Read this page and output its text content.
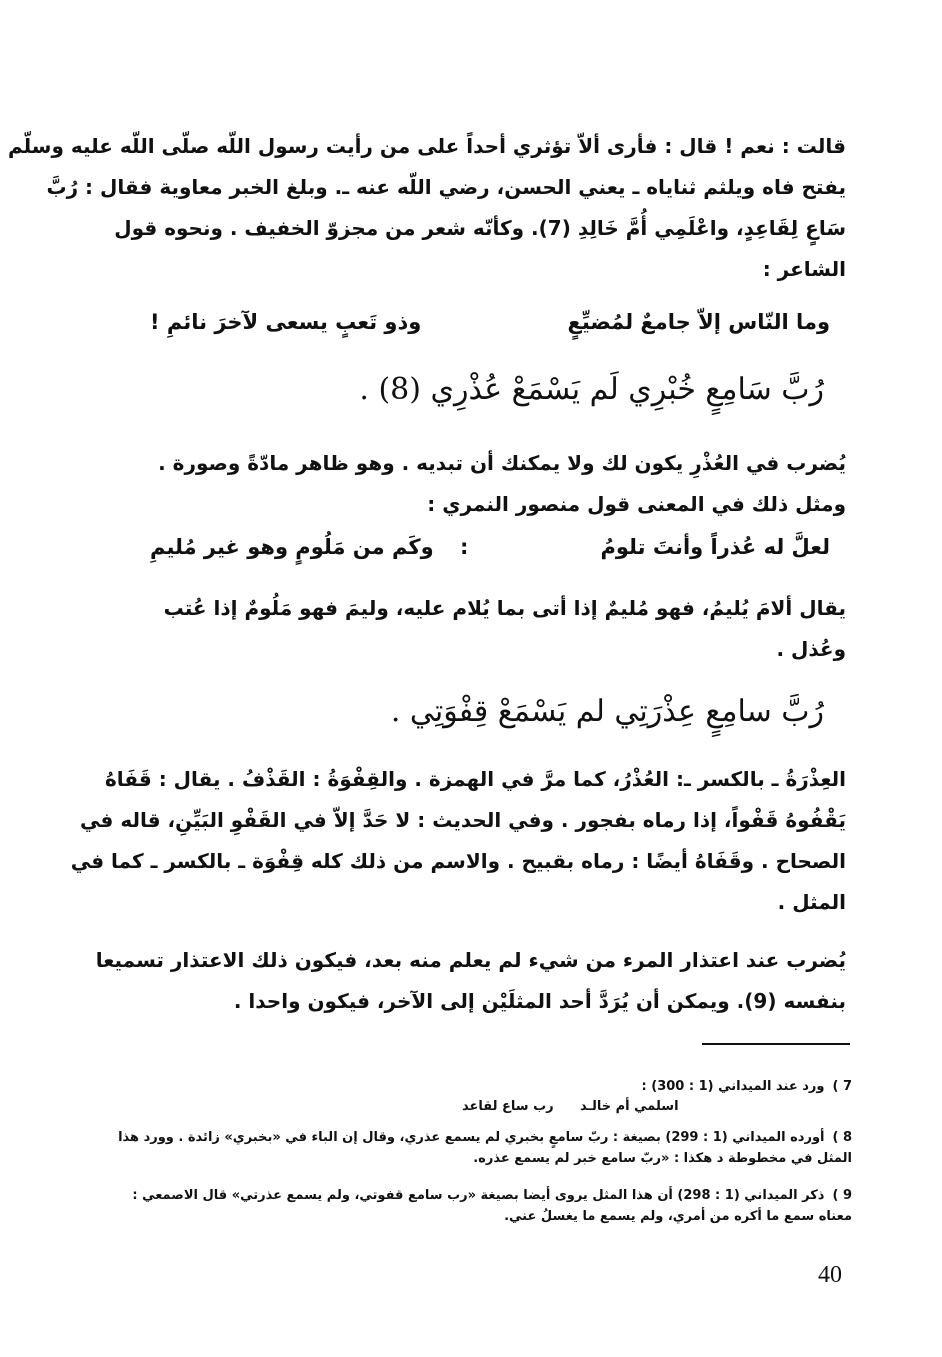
قالت : نعم ! قال : فأرى ألاّ تؤثري أحداً على من رأيت رسول اللّه صلّى اللّه عليه وسلّم
يفتح فاه ويلثم ثناياه ـ يعني الحسن، رضي اللّه عنه ـ. وبلغ الخبر معاوية فقال : رُبَّ
سَاعٍ لِقَاعِدٍ، واعْلَمِي أُمَّ خَالِدِ (7). وكأنّه شعر من مجزوّ الخفيف . ونحوه قول
الشاعر :
وما النّاس إلاّ جامعٌ لمُضيِّعٍ
وذو تَعبٍ يسعى لآخرَ نائمِ !
رُبَّ سَامِعٍ خُبْرِي لَم يَسْمَعْ عُذْرِي (8) .
يُضرب في العُذْرِ يكون لك ولا يمكنك أن تبديه . وهو ظاهر مادّةً وصورة .
ومثل ذلك في المعنى قول منصور النمري :
لعلَّ له عُذراً وأنتَ تلومُ
:
وكَم من مَلُومٍ وهو غير مُليمِ
يقال ألامَ يُليمُ، فهو مُليمٌ إذا أتى بما يُلام عليه، وليمَ فهو مَلُومٌ إذا عُتب
وعُذل .
رُبَّ سامِعٍ عِذْرَتِي لم يَسْمَعْ قِفْوَتِي .
العِذْرَةُ ـ بالكسر ـ: العُذْرُ، كما مرَّ في الهمزة . والقِفْوَةُ : القَذْفُ . يقال : قَفَاهُ
يَقْفُوهُ قَفْواً، إذا رماه بفجور . وفي الحديث : لا حَدَّ إلاّ في القَفْوِ البَيِّنِ، قاله في
الصحاح . وقَفَاهُ أيضًا : رماه بقبيح . والاسم من ذلك كله قِفْوَة ـ بالكسر ـ كما في
المثل .
يُضرب عند اعتذار المرء من شيء لم يعلم منه بعد، فيكون ذلك الاعتذار تسميعا
بنفسه (9). ويمكن أن يُرَدَّ أحد المثلَيْن إلى الآخر، فيكون واحدا .
7 )ورد عند الميداني (1 : 300) :
رب ساع لقاعد اسلمي أم خالـد
8 )أورده الميداني (1 : 299) بصيغة : ربّ سامعٍ بخبري لم يسمع عذري، وقال إن الباء في «بخبري» زائدة . وورد هذا المثل في مخطوطة د هكذا : «ربّ سامع خبر لم يسمع عذره.
9 )ذكر الميداني (1 : 298) أن هذا المثل يروى أيضا بصيغة «رب سامع قفوتي، ولم يسمع عذرتي» قال الاصمعي : معناه سمع ما أكره من أمري، ولم يسمع ما يغسلُ عني.
40
